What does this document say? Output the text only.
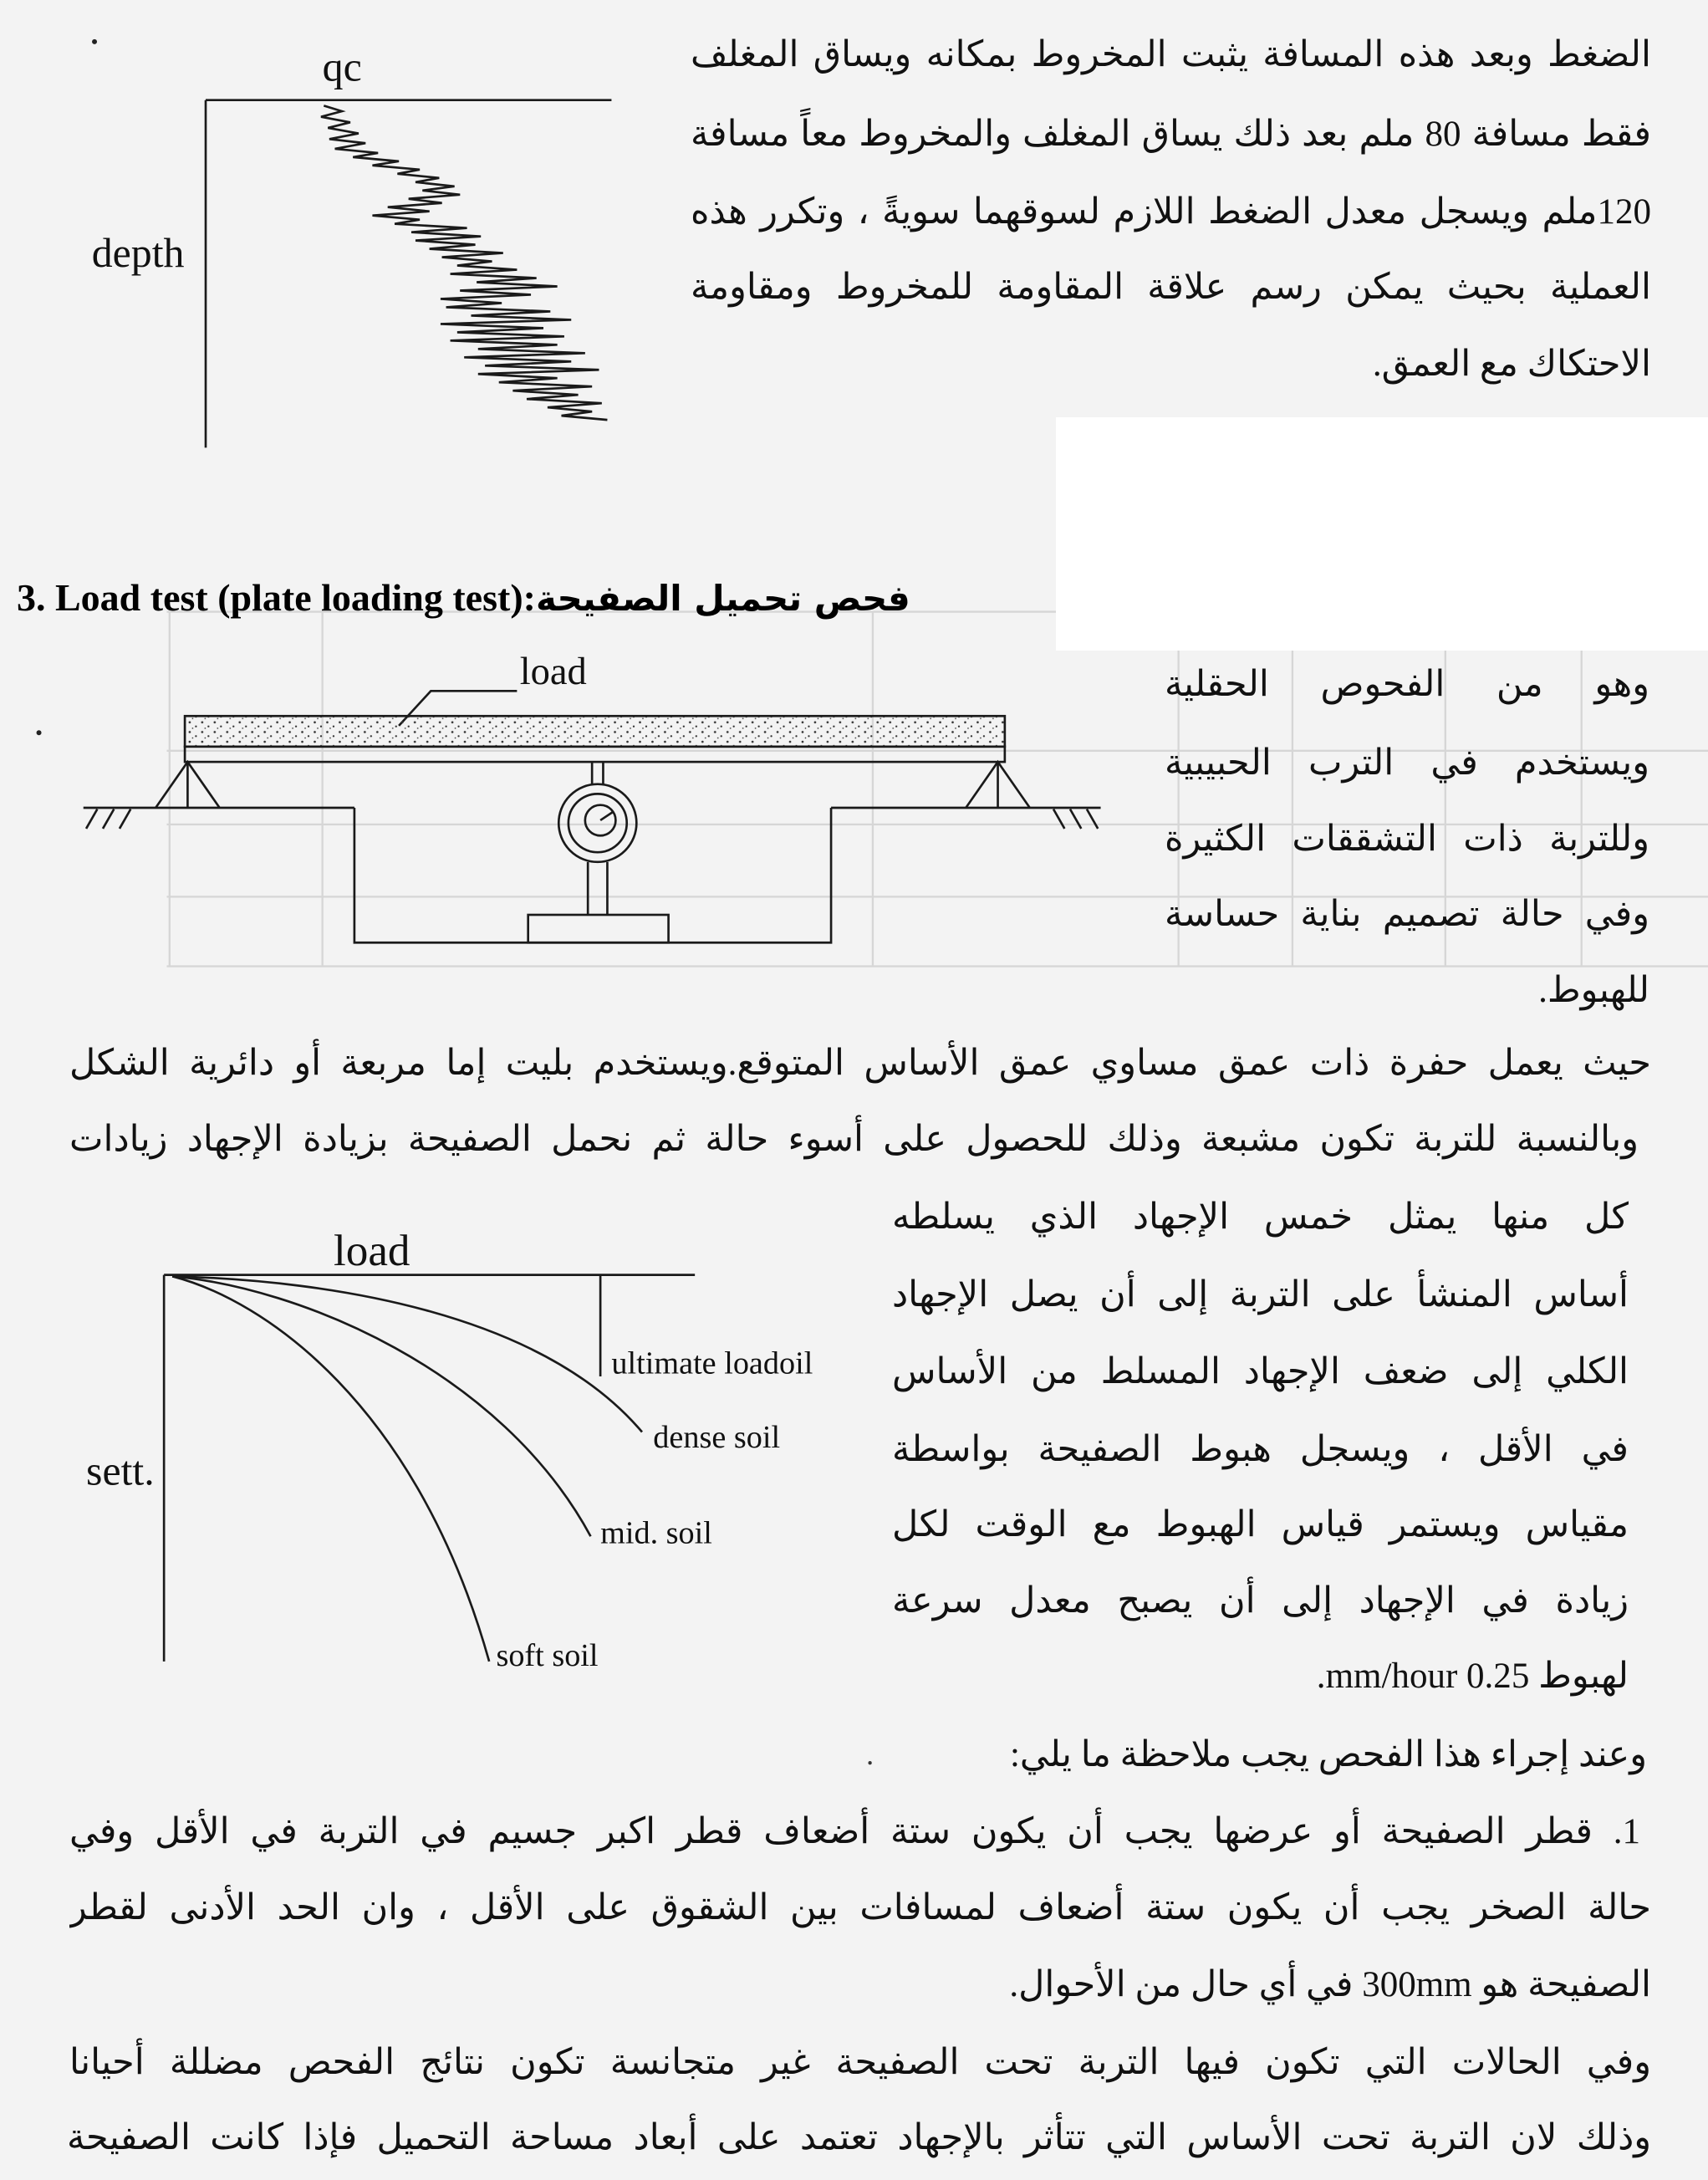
qc
depth
load
load
sett.
ultimate loadoil
dense soil
mid. soil
soft soil
الضغط وبعد هذه المسافة يثبت المخروط بمكانه ويساق المغلف
فقط مسافة 80 ملم بعد ذلك يساق المغلف والمخروط معاً مسافة
120ملم ويسجل معدل الضغط اللازم لسوقهما سويةً ، وتكرر هذه
العملية بحيث يمكن رسم علاقة المقاومة للمخروط ومقاومة
الاحتكاك مع العمق.
3. Load test (plate loading test):فحص تحميل الصفيحة
وهو من الفحوص الحقلية
ويستخدم في الترب الحبيبية
وللتربة ذات التشققات الكثيرة
وفي حالة تصميم بناية حساسة
للهبوط.
حيث يعمل حفرة ذات عمق مساوي عمق الأساس المتوقع.ويستخدم بليت إما مربعة أو دائرية الشكل
وبالنسبة للتربة تكون مشبعة وذلك للحصول على أسوء حالة ثم نحمل الصفيحة بزيادة الإجهاد زيادات
كل منها يمثل خمس الإجهاد الذي يسلطه
أساس المنشأ على التربة إلى أن يصل الإجهاد
الكلي إلى ضعف الإجهاد المسلط من الأساس
في الأقل ، ويسجل هبوط الصفيحة بواسطة
مقياس ويستمر قياس الهبوط مع الوقت لكل
زيادة في الإجهاد إلى أن يصبح معدل سرعة
لهبوط 0.25 mm/hour.
وعند إجراء هذا الفحص يجب ملاحظة ما يلي:
1. قطر الصفيحة أو عرضها يجب أن يكون ستة أضعاف قطر اكبر جسيم في التربة في الأقل وفي
حالة الصخر يجب أن يكون ستة أضعاف لمسافات بين الشقوق على الأقل ، وان الحد الأدنى لقطر
الصفيحة هو 300mm في أي حال من الأحوال.
وفي الحالات التي تكون فيها التربة تحت الصفيحة غير متجانسة تكون نتائج الفحص مضللة أحيانا
وذلك لان التربة تحت الأساس التي تتأثر بالإجهاد تعتمد على أبعاد مساحة التحميل فإذا كانت الصفيحة
